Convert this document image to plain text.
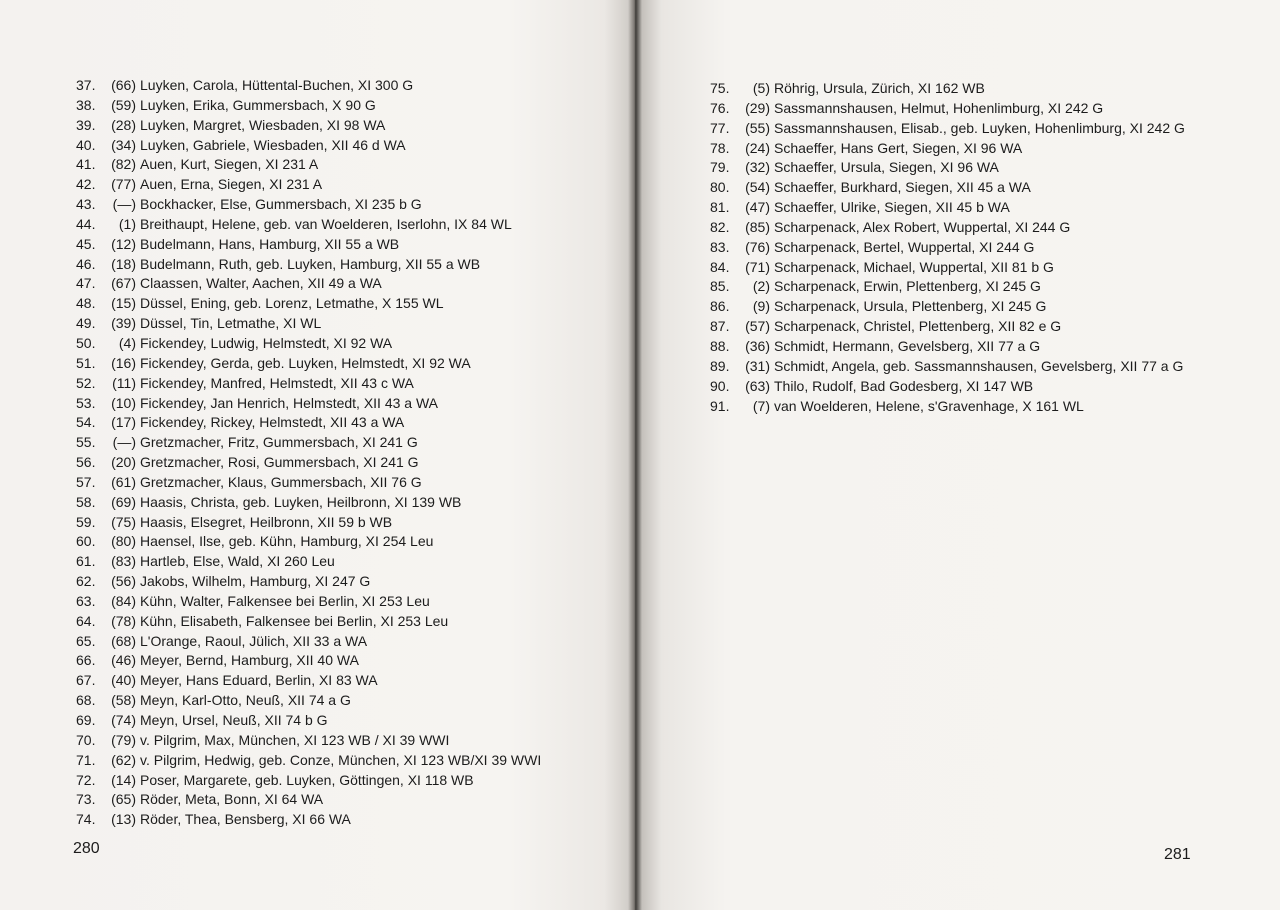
37. (66) Luyken, Carola, Hüttental-Buchen, XI 300 G
38. (59) Luyken, Erika, Gummersbach, X 90 G
39. (28) Luyken, Margret, Wiesbaden, XI 98 WA
40. (34) Luyken, Gabriele, Wiesbaden, XII 46 d WA
41. (82) Auen, Kurt, Siegen, XI 231 A
42. (77) Auen, Erna, Siegen, XI 231 A
43. (—) Bockhacker, Else, Gummersbach, XI 235 b G
44. (1) Breithaupt, Helene, geb. van Woelderen, Iserlohn, IX 84 WL
45. (12) Budelmann, Hans, Hamburg, XII 55 a WB
46. (18) Budelmann, Ruth, geb. Luyken, Hamburg, XII 55 a WB
47. (67) Claassen, Walter, Aachen, XII 49 a WA
48. (15) Düssel, Ening, geb. Lorenz, Letmathe, X 155 WL
49. (39) Düssel, Tin, Letmathe, XI WL
50. (4) Fickendey, Ludwig, Helmstedt, XI 92 WA
51. (16) Fickendey, Gerda, geb. Luyken, Helmstedt, XI 92 WA
52. (11) Fickendey, Manfred, Helmstedt, XII 43 c WA
53. (10) Fickendey, Jan Henrich, Helmstedt, XII 43 a WA
54. (17) Fickendey, Rickey, Helmstedt, XII 43 a WA
55. (—) Gretzmacher, Fritz, Gummersbach, XI 241 G
56. (20) Gretzmacher, Rosi, Gummersbach, XI 241 G
57. (61) Gretzmacher, Klaus, Gummersbach, XII 76 G
58. (69) Haasis, Christa, geb. Luyken, Heilbronn, XI 139 WB
59. (75) Haasis, Elsegret, Heilbronn, XII 59 b WB
60. (80) Haensel, Ilse, geb. Kühn, Hamburg, XI 254 Leu
61. (83) Hartleb, Else, Wald, XI 260 Leu
62. (56) Jakobs, Wilhelm, Hamburg, XI 247 G
63. (84) Kühn, Walter, Falkensee bei Berlin, XI 253 Leu
64. (78) Kühn, Elisabeth, Falkensee bei Berlin, XI 253 Leu
65. (68) L'Orange, Raoul, Jülich, XII 33 a WA
66. (46) Meyer, Bernd, Hamburg, XII 40 WA
67. (40) Meyer, Hans Eduard, Berlin, XI 83 WA
68. (58) Meyn, Karl-Otto, Neuß, XII 74 a G
69. (74) Meyn, Ursel, Neuß, XII 74 b G
70. (79) v. Pilgrim, Max, München, XI 123 WB / XI 39 WWI
71. (62) v. Pilgrim, Hedwig, geb. Conze, München, XI 123 WB/XI 39 WWI
72. (14) Poser, Margarete, geb. Luyken, Göttingen, XI 118 WB
73. (65) Röder, Meta, Bonn, XI 64 WA
74. (13) Röder, Thea, Bensberg, XI 66 WA
280
75. (5) Röhrig, Ursula, Zürich, XI 162 WB
76. (29) Sassmannshausen, Helmut, Hohenlimburg, XI 242 G
77. (55) Sassmannshausen, Elisab., geb. Luyken, Hohenlimburg, XI 242 G
78. (24) Schaeffer, Hans Gert, Siegen, XI 96 WA
79. (32) Schaeffer, Ursula, Siegen, XI 96 WA
80. (54) Schaeffer, Burkhard, Siegen, XII 45 a WA
81. (47) Schaeffer, Ulrike, Siegen, XII 45 b WA
82. (85) Scharpenack, Alex Robert, Wuppertal, XI 244 G
83. (76) Scharpenack, Bertel, Wuppertal, XI 244 G
84. (71) Scharpenack, Michael, Wuppertal, XII 81 b G
85. (2) Scharpenack, Erwin, Plettenberg, XI 245 G
86. (9) Scharpenack, Ursula, Plettenberg, XI 245 G
87. (57) Scharpenack, Christel, Plettenberg, XII 82 e G
88. (36) Schmidt, Hermann, Gevelsberg, XII 77 a G
89. (31) Schmidt, Angela, geb. Sassmannshausen, Gevelsberg, XII 77 a G
90. (63) Thilo, Rudolf, Bad Godesberg, XI 147 WB
91. (7) van Woelderen, Helene, s'Gravenhage, X 161 WL
281
